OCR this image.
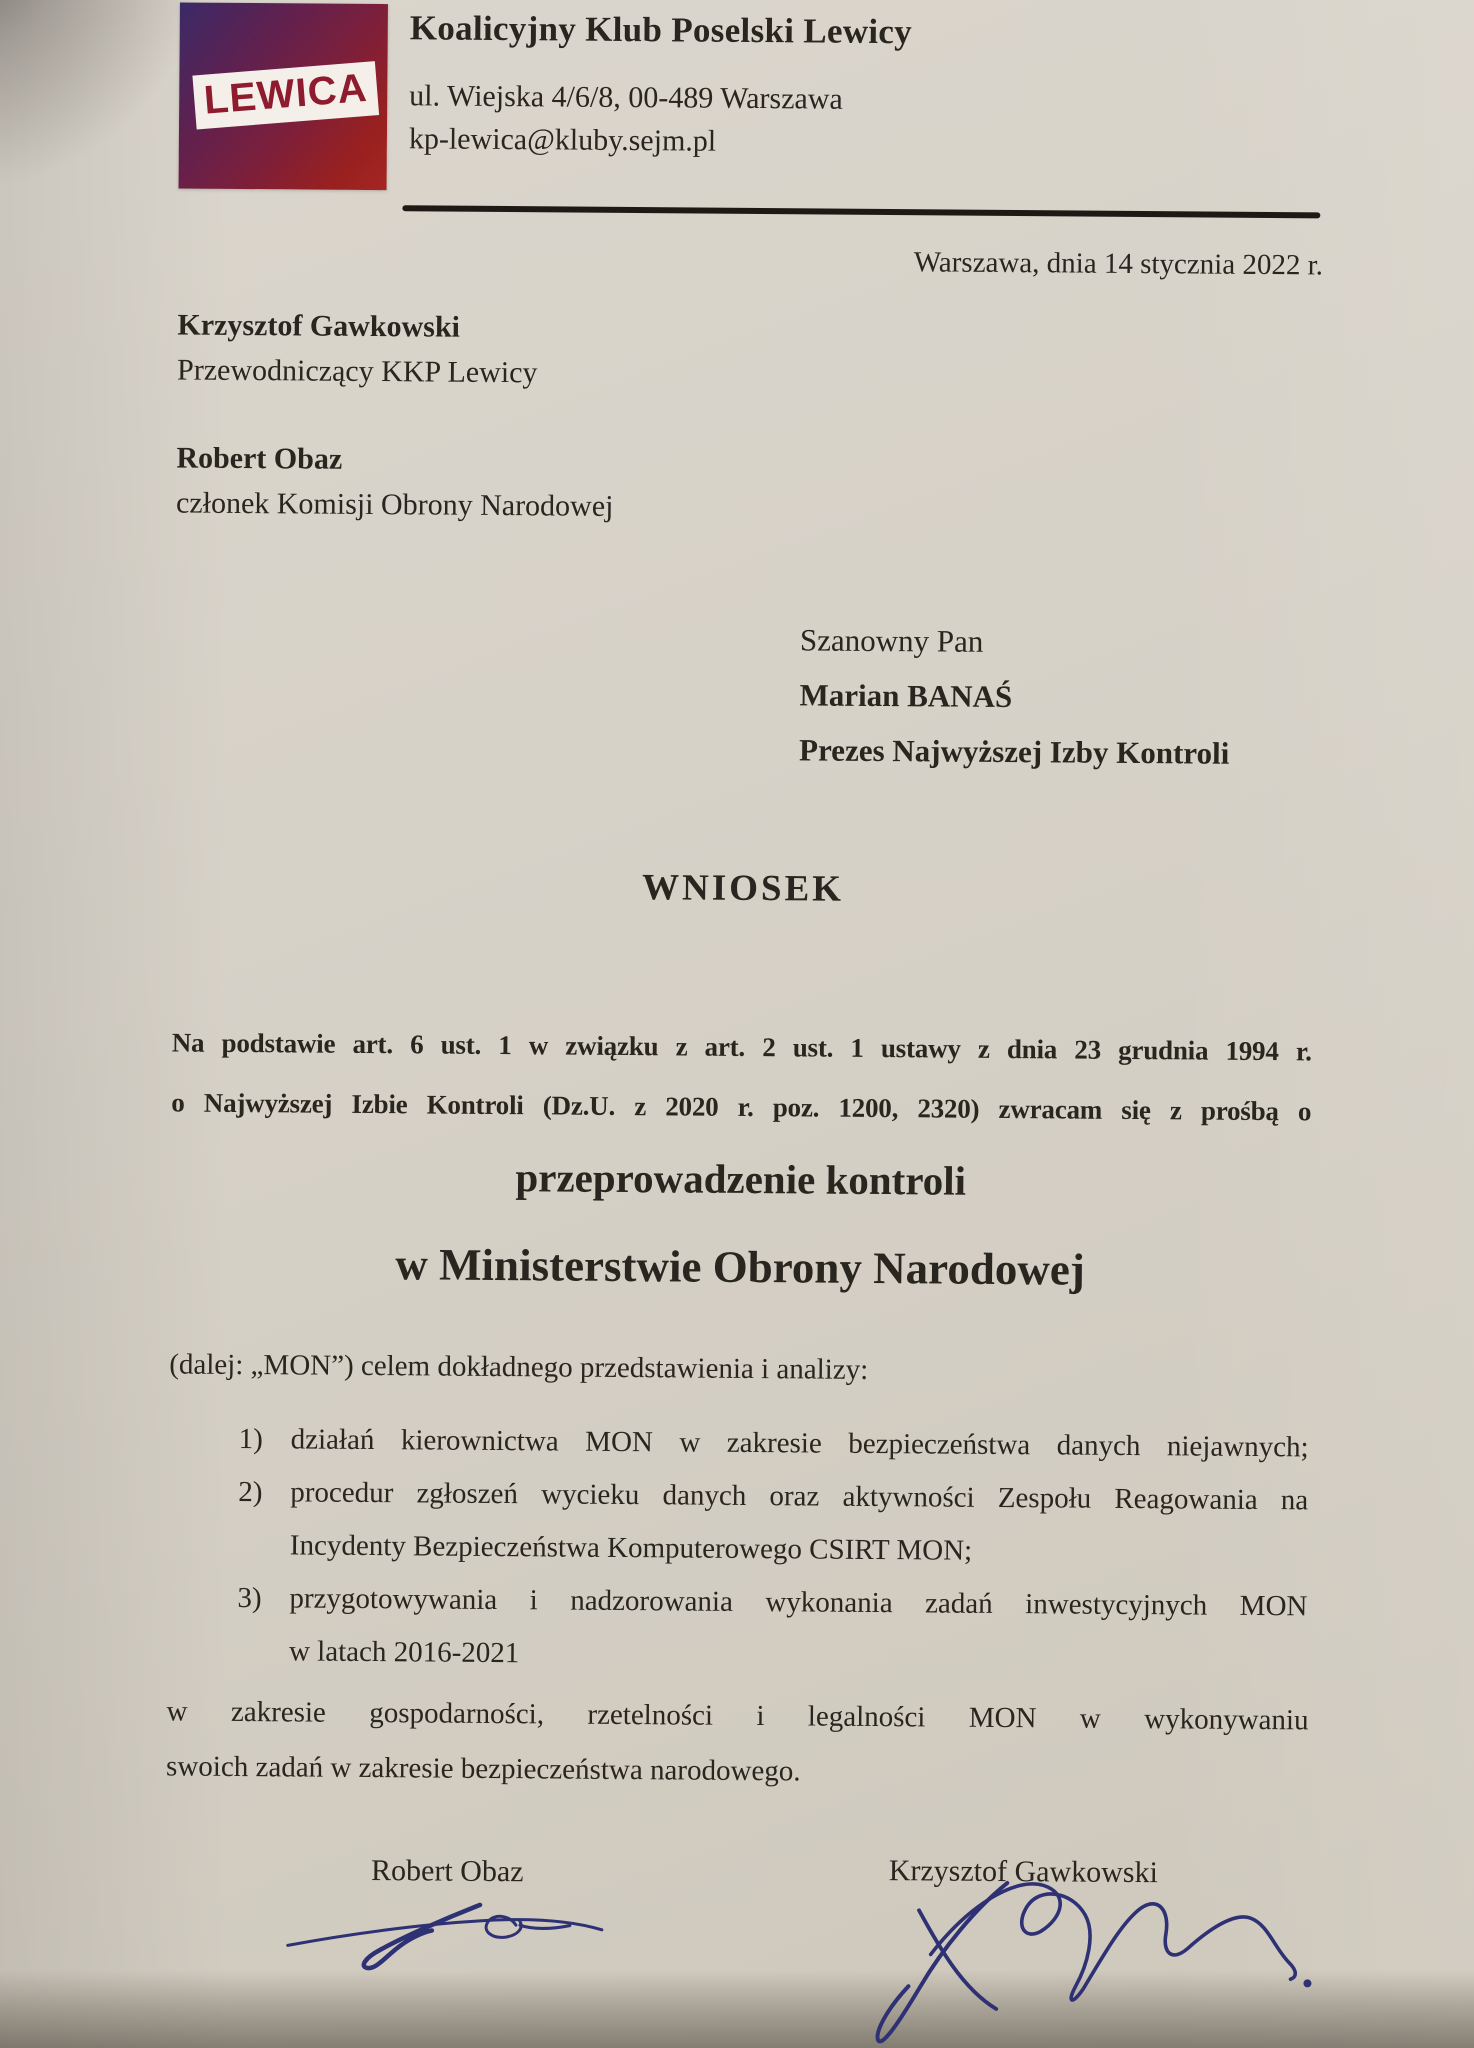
LEWICA
Koalicyjny Klub Poselski Lewicy
ul. Wiejska 4/6/8, 00-489 Warszawa
kp-lewica@kluby.sejm.pl
Warszawa, dnia 14 stycznia 2022 r.
Krzysztof Gawkowski
Przewodniczący KKP Lewicy
Robert Obaz
członek Komisji Obrony Narodowej
Szanowny Pan
Marian BANAŚ
Prezes Najwyższej Izby Kontroli
WNIOSEK
Na podstawie art. 6 ust. 1 w związku z art. 2 ust. 1 ustawy z dnia 23 grudnia 1994 r.
o Najwyższej Izbie Kontroli (Dz.U. z 2020 r. poz. 1200, 2320) zwracam się z prośbą o
przeprowadzenie kontroli
w Ministerstwie Obrony Narodowej
(dalej: „MON”) celem dokładnego przedstawienia i analizy:
1) działań kierownictwa MON w zakresie bezpieczeństwa danych niejawnych;
2) procedur zgłoszeń wycieku danych oraz aktywności Zespołu Reagowania na
Incydenty Bezpieczeństwa Komputerowego CSIRT MON;
3) przygotowywania i nadzorowania wykonania zadań inwestycyjnych MON
w latach 2016-2021
w zakresie gospodarności, rzetelności i legalności MON w wykonywaniu
swoich zadań w zakresie bezpieczeństwa narodowego.
Robert Obaz	Krzysztof Gawkowski
